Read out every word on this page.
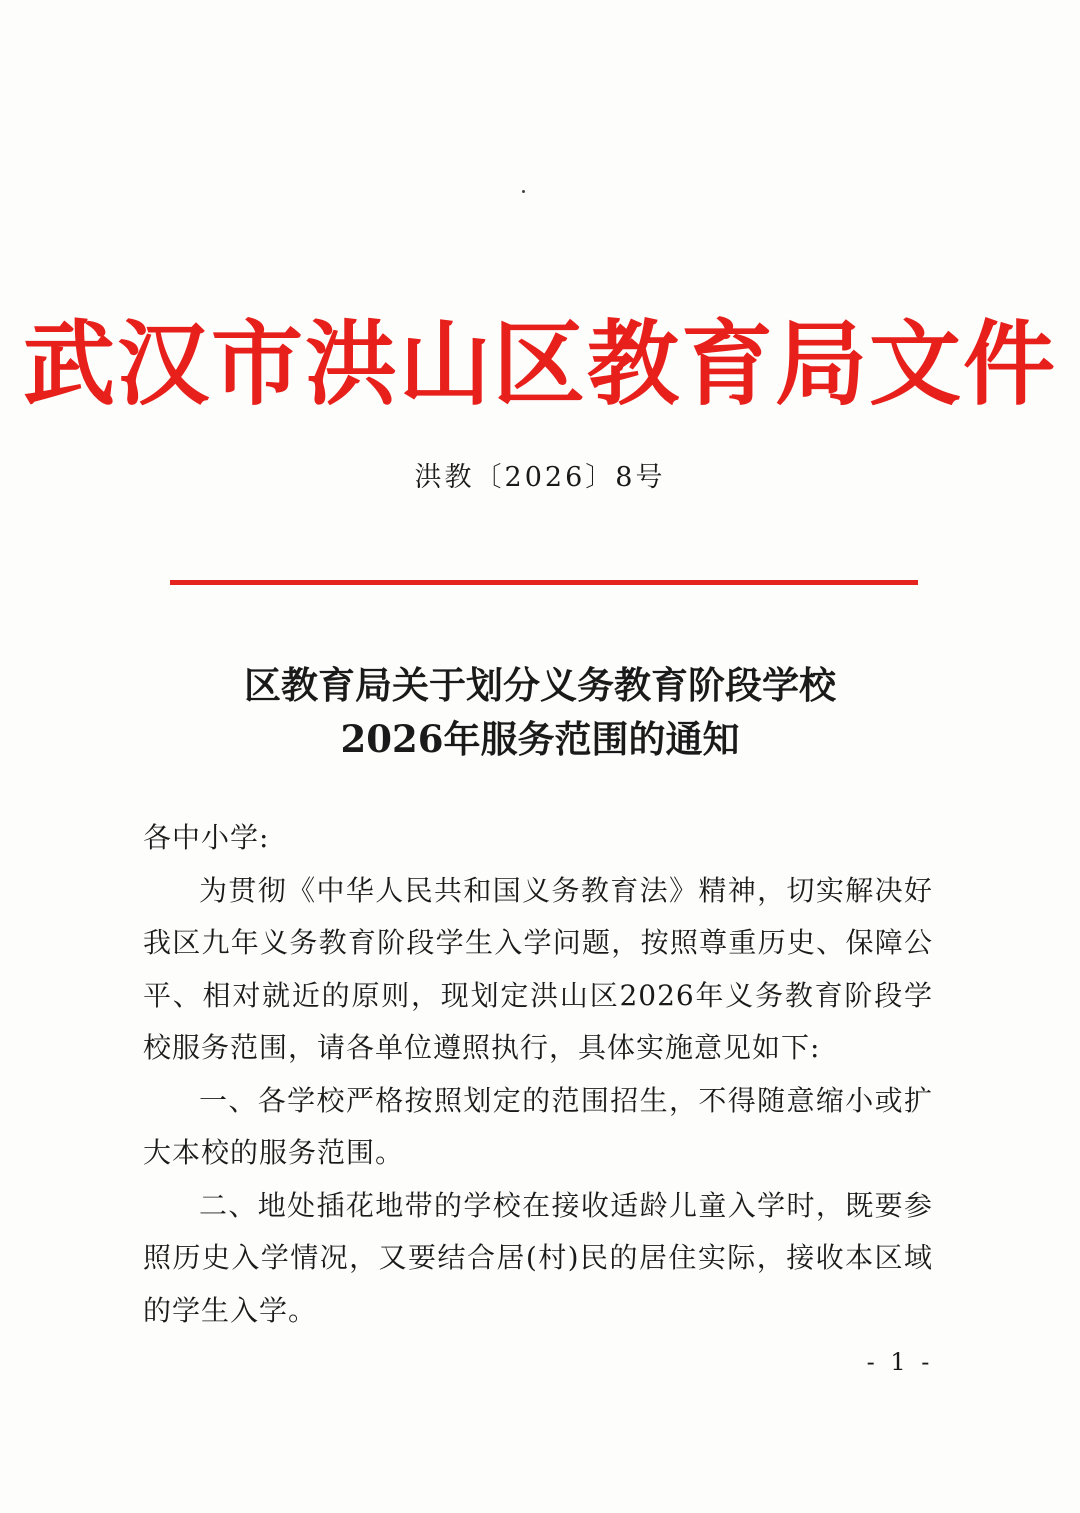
武汉市洪山区教育局文件
洪教〔2026〕8号
区教育局关于划分义务教育阶段学校
2026年服务范围的通知

各中小学:

为贯彻《中华人民共和国义务教育法》精神，切实解决好我区九年义务教育阶段学生入学问题，按照尊重历史、保障公平、相对就近的原则，现划定洪山区2026年义务教育阶段学校服务范围，请各单位遵照执行，具体实施意见如下:

一、各学校严格按照划定的范围招生，不得随意缩小或扩大本校的服务范围。

二、地处插花地带的学校在接收适龄儿童入学时，既要参照历史入学情况，又要结合居(村)民的居住实际，接收本区域的学生入学。

- 1 -
